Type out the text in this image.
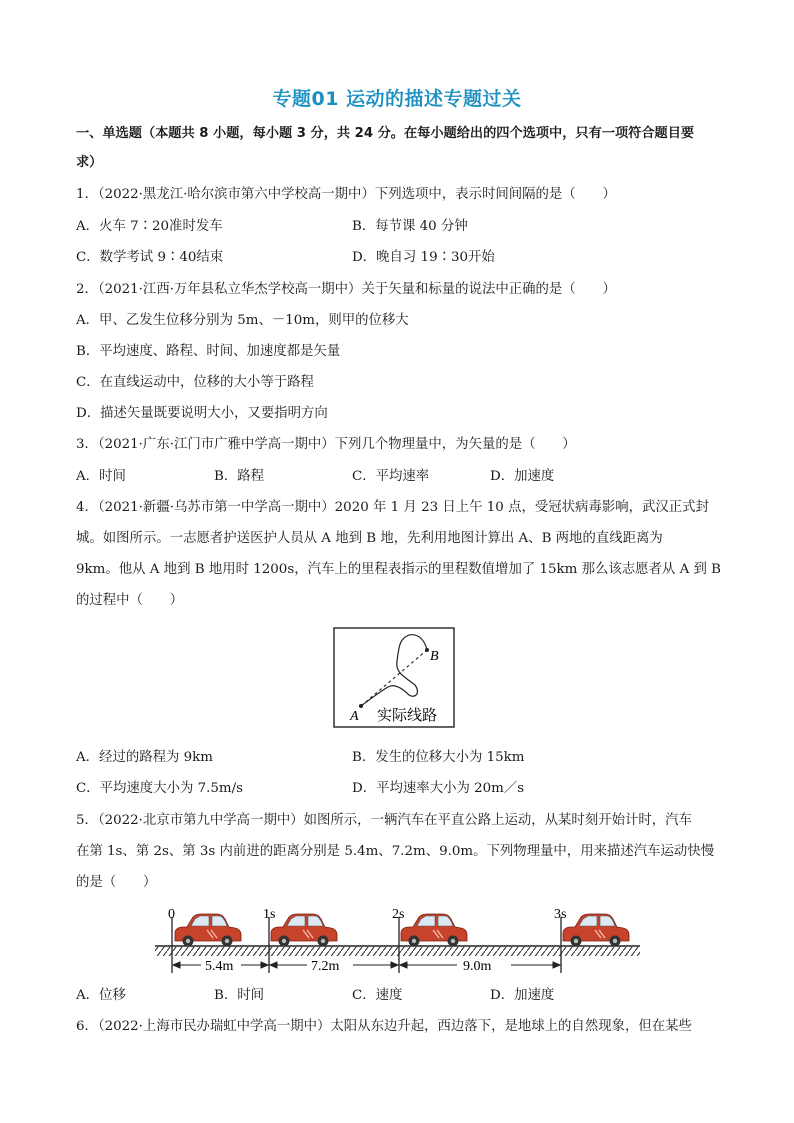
专题01 运动的描述专题过关
一、单选题（本题共 8 小题，每小题 3 分，共 24 分。在每小题给出的四个选项中，只有一项符合题目要
求）
1．（2022·黑龙江·哈尔滨市第六中学校高一期中）下列选项中，表示时间间隔的是（　　）
A．火车 7∶20准时发车	B．每节课 40 分钟
C．数学考试 9∶40结束	D．晚自习 19∶30开始
2．（2021·江西·万年县私立华杰学校高一期中）关于矢量和标量的说法中正确的是（　　）
A．甲、乙发生位移分别为 5m、－10m，则甲的位移大
B．平均速度、路程、时间、加速度都是矢量
C．在直线运动中，位移的大小等于路程
D．描述矢量既要说明大小，又要指明方向
3．（2021·广东·江门市广雅中学高一期中）下列几个物理量中，为矢量的是（　　）
A．时间	B．路程	C．平均速率	D．加速度
4．（2021·新疆·乌苏市第一中学高一期中）2020 年 1 月 23 日上午 10 点，受冠状病毒影响，武汉正式封
城。如图所示。一志愿者护送医护人员从 A 地到 B 地，先利用地图计算出 A、B 两地的直线距离为
9km。他从 A 地到 B 地用时 1200s，汽车上的里程表指示的里程数值增加了 15km 那么该志愿者从 A 到 B
的过程中（　　）
A
B
实际线路
A．经过的路程为 9km	B．发生的位移大小为 15km
C．平均速度大小为 7.5m/s	D．平均速率大小为 20m／s
5．（2022·北京市第九中学高一期中）如图所示，一辆汽车在平直公路上运动，从某时刻开始计时，汽车
在第 1s、第 2s、第 3s 内前进的距离分别是 5.4m、7.2m、9.0m。下列物理量中，用来描述汽车运动快慢
的是（　　）
0	1s	2s	3s
5.4m	7.2m	9.0m
A．位移	B．时间	C．速度	D．加速度
6．（2022·上海市民办瑞虹中学高一期中）太阳从东边升起，西边落下，是地球上的自然现象，但在某些
